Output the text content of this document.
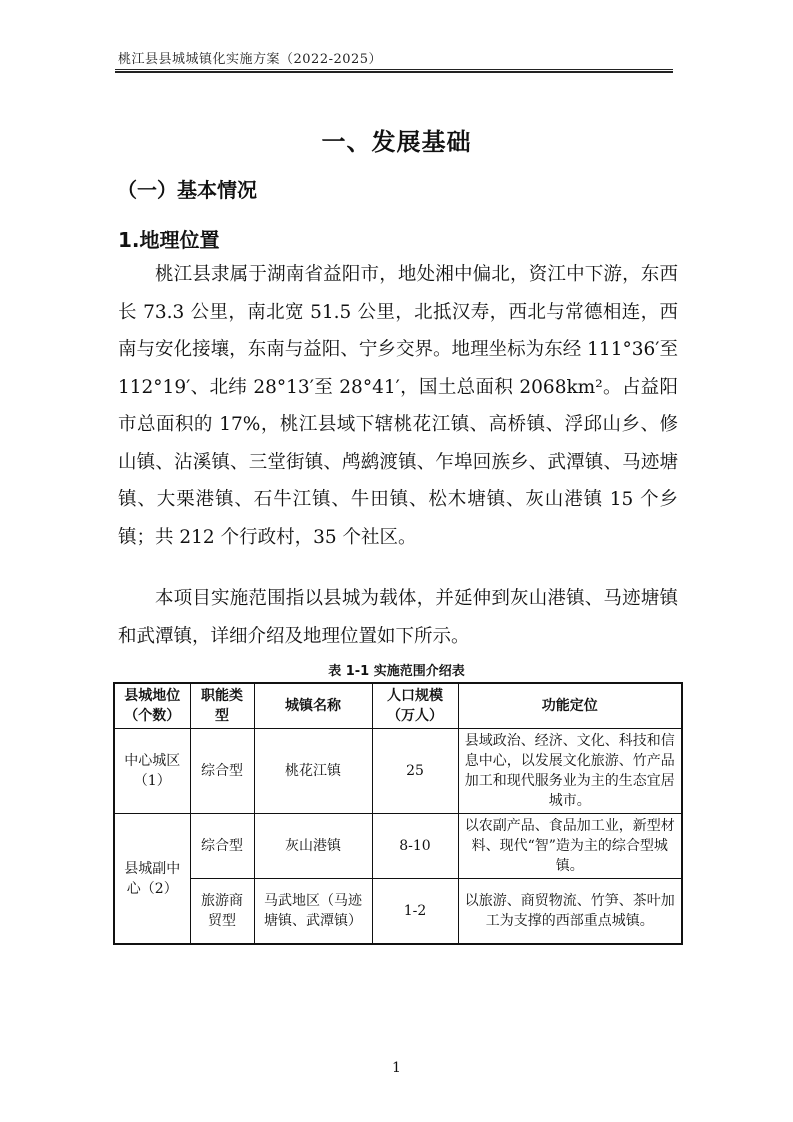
桃江县县城城镇化实施方案（2022-2025）
一、发展基础
（一）基本情况
1.地理位置

桃江县隶属于湖南省益阳市，地处湘中偏北，资江中下游，东西长 73.3 公里，南北宽 51.5 公里，北抵汉寿，西北与常德相连，西南与安化接壤，东南与益阳、宁乡交界。地理坐标为东经 111°36′至 112°19′、北纬 28°13′至 28°41′，国土总面积 2068km²。占益阳市总面积的 17%，桃江县域下辖桃花江镇、高桥镇、浮邱山乡、修山镇、沾溪镇、三堂街镇、鸬鹚渡镇、乍埠回族乡、武潭镇、马迹塘镇、大栗港镇、石牛江镇、牛田镇、松木塘镇、灰山港镇 15 个乡镇；共 212 个行政村，35 个社区。

本项目实施范围指以县城为载体，并延伸到灰山港镇、马迹塘镇和武潭镇，详细介绍及地理位置如下所示。

表 1-1 实施范围介绍表
县城地位（个数）	职能类型	城镇名称	人口规模（万人）	功能定位
中心城区（1）	综合型	桃花江镇	25	县域政治、经济、文化、科技和信息中心，以发展文化旅游、竹产品加工和现代服务业为主的生态宜居城市。
县城副中心（2）	综合型	灰山港镇	8-10	以农副产品、食品加工业，新型材料、现代“智”造为主的综合型城镇。
	旅游商贸型	马武地区（马迹塘镇、武潭镇）	1-2	以旅游、商贸物流、竹笋、茶叶加工为支撑的西部重点城镇。
1
